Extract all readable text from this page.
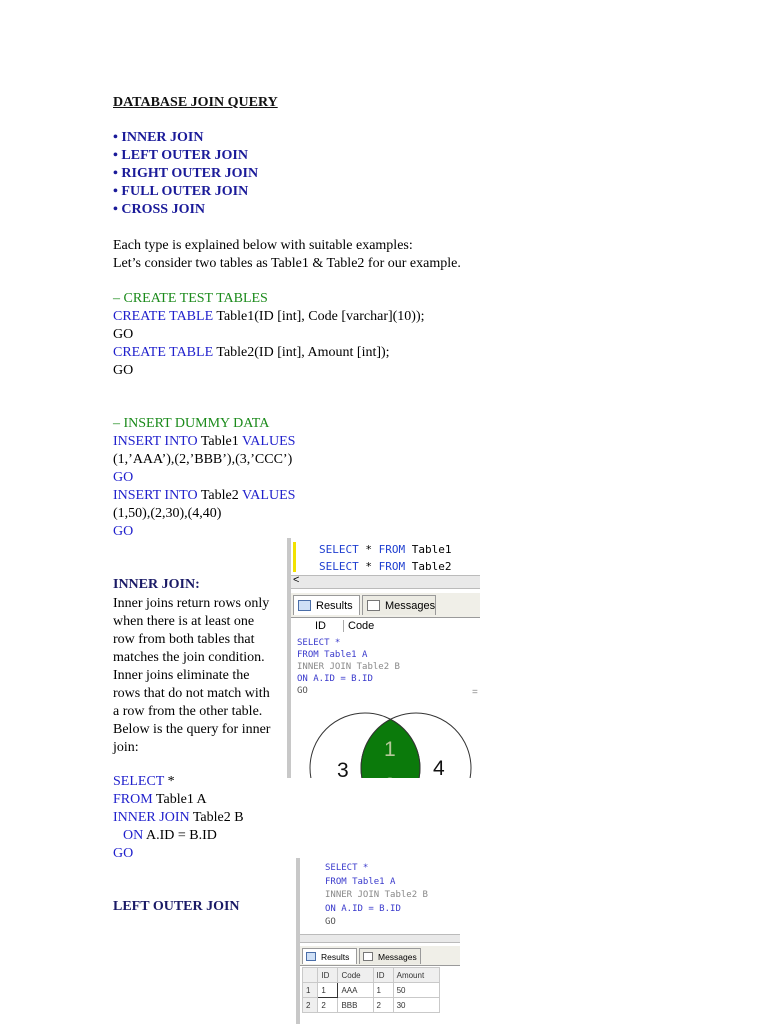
DATABASE JOIN QUERY
• INNER JOIN
• LEFT OUTER JOIN
• RIGHT OUTER JOIN
• FULL OUTER JOIN
• CROSS JOIN
Each type is explained below with suitable examples:
Let’s consider two tables as Table1 & Table2 for our example.
– CREATE TEST TABLES
CREATE TABLE Table1(ID [int], Code [varchar](10));
GO
CREATE TABLE Table2(ID [int], Amount [int]);
GO
– INSERT DUMMY DATA
INSERT INTO Table1 VALUES
(1,’AAA’),(2,’BBB’),(3,’CCC’)
GO
INSERT INTO Table2 VALUES
(1,50),(2,30),(4,40)
GO
INNER JOIN:
Inner joins return rows only
when there is at least one
row from both tables that
matches the join condition.
Inner joins eliminate the
rows that do not match with
a row from the other table.
Below is the query for inner
join:
SELECT *
FROM Table1 A
INNER JOIN Table2 B
ON A.ID = B.ID
GO
LEFT OUTER JOIN
SELECT * FROM Table1
SELECT * FROM Table2
<
Results	Messages
ID Code
SELECT *
FROM Table1 A
INNER JOIN Table2 B
ON A.ID = B.ID
GO	=
3	4
1
2
SELECT *
FROM Table1 A
INNER JOIN Table2 B
ON A.ID = B.ID
GO
Results	Messages
	ID	Code	ID	Amount
1	1	AAA	1	50
2	2	BBB	2	30
